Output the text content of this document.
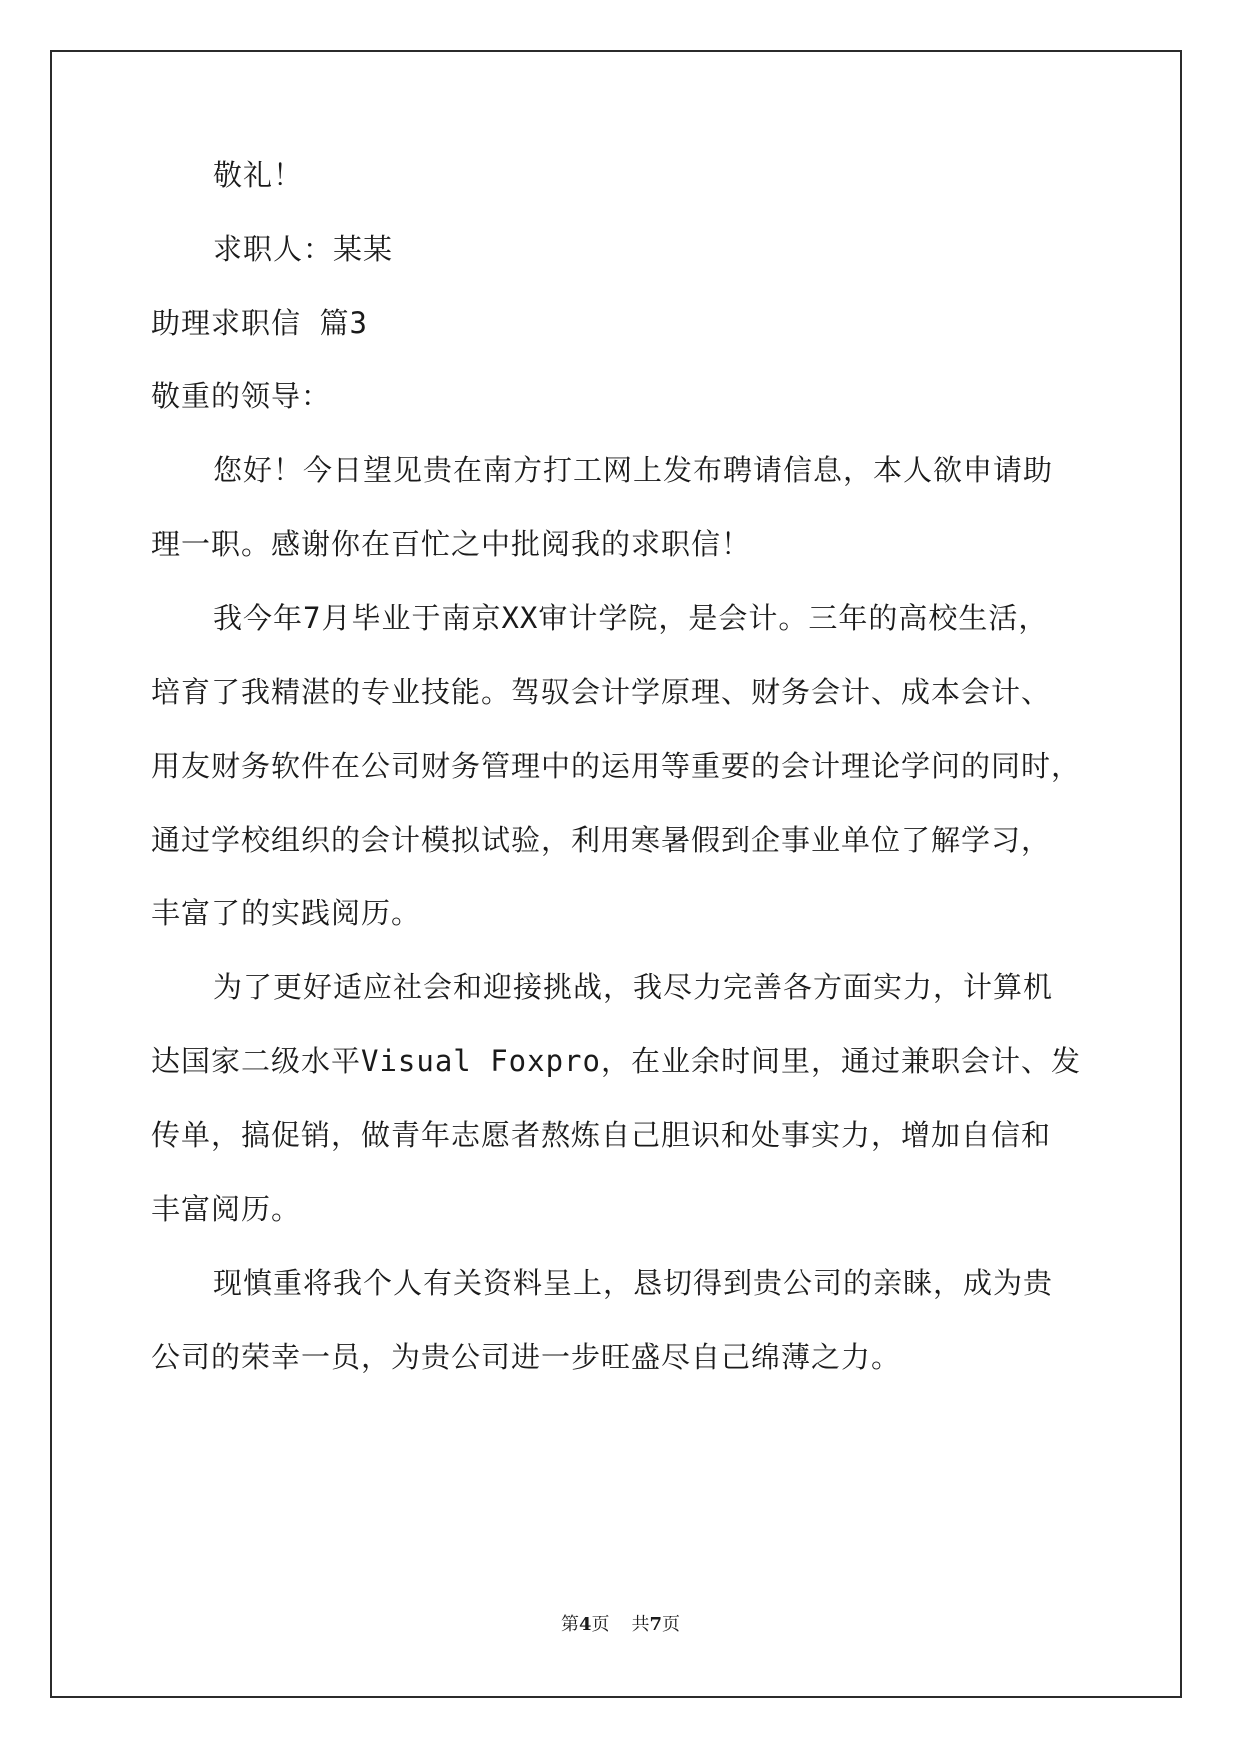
敬礼！
求职人：某某
助理求职信 篇3
敬重的领导：
您好！今日望见贵在南方打工网上发布聘请信息，本人欲申请助
理一职。感谢你在百忙之中批阅我的求职信！
我今年7月毕业于南京XX审计学院，是会计。三年的高校生活，
培育了我精湛的专业技能。驾驭会计学原理、财务会计、成本会计、
用友财务软件在公司财务管理中的运用等重要的会计理论学问的同时，
通过学校组织的会计模拟试验，利用寒暑假到企事业单位了解学习，
丰富了的实践阅历。
为了更好适应社会和迎接挑战，我尽力完善各方面实力，计算机
达国家二级水平Visual Foxpro，在业余时间里，通过兼职会计、发
传单，搞促销，做青年志愿者熬炼自己胆识和处事实力，增加自信和
丰富阅历。
现慎重将我个人有关资料呈上，恳切得到贵公司的亲睐，成为贵
公司的荣幸一员，为贵公司进一步旺盛尽自己绵薄之力。
第4页 共7页
